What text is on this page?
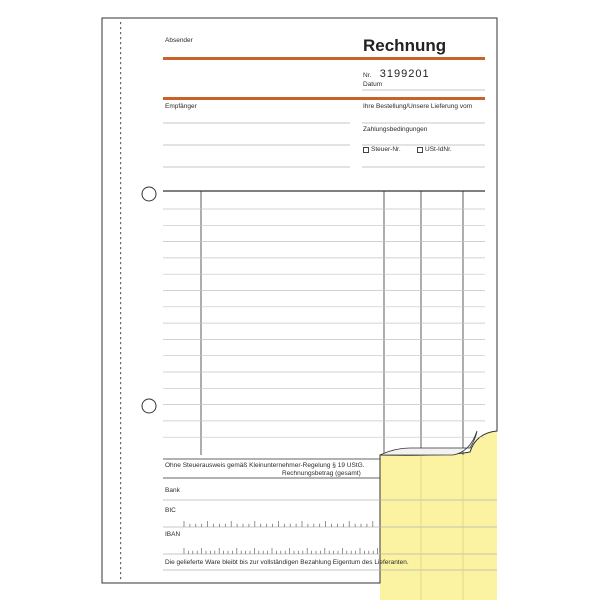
Absender	Rechnung
Nr. 3199201
Datum
Empfänger	Ihre Bestellung/Unsere Lieferung vom
Zahlungsbedingungen
Steuer-Nr.	USt-IdNr.
Ohne Steuerausweis gemäß Kleinunternehmer-Regelung § 19 UStG.
Rechnungsbetrag (gesamt)
Bank
BIC
IBAN
Die gelieferte Ware bleibt bis zur vollständigen Bezahlung Eigentum des Lieferanten.
